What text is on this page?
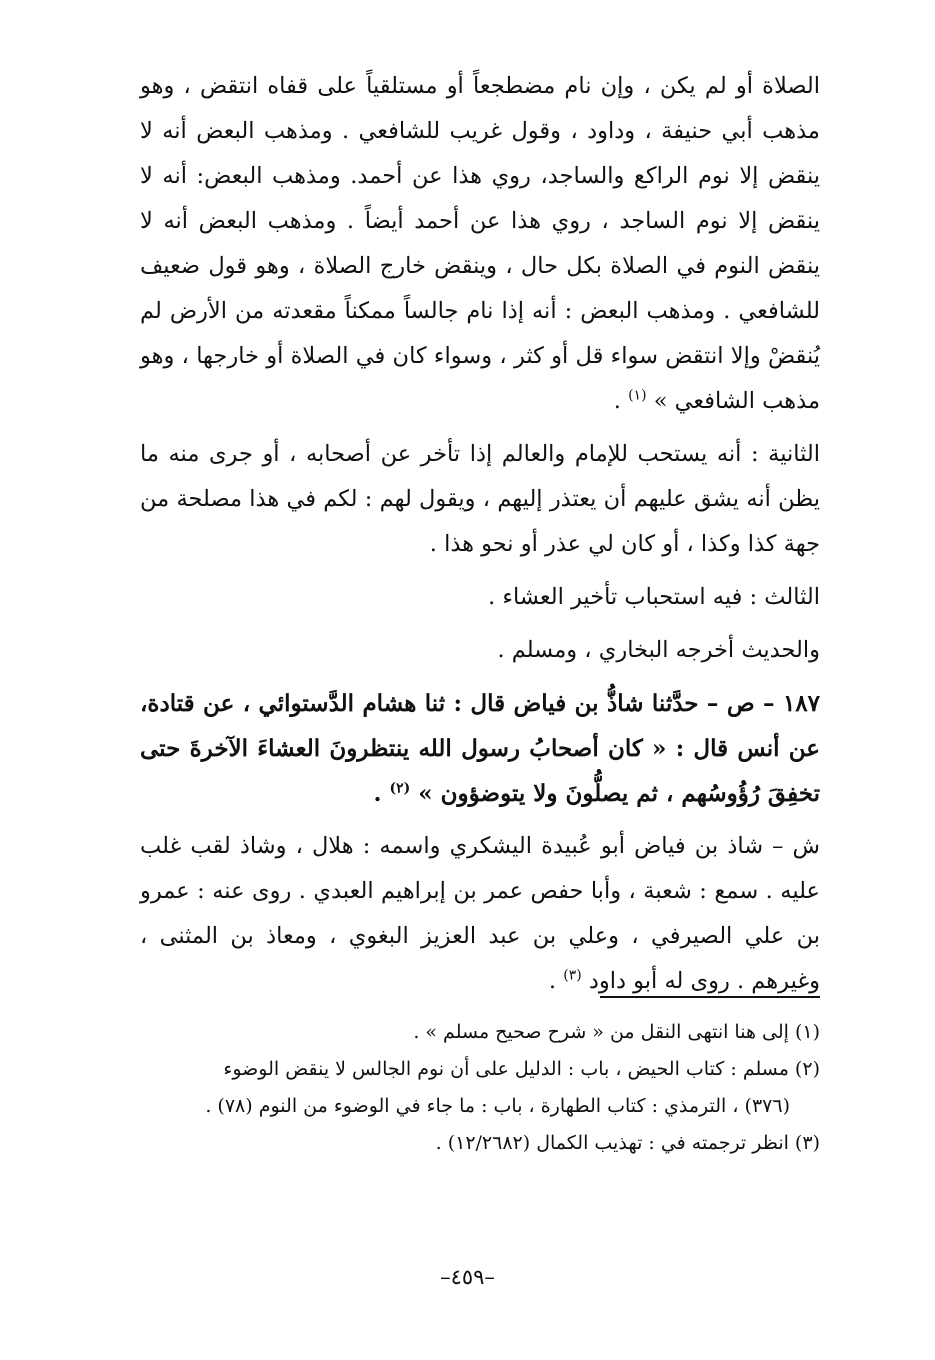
الصلاة أو لم يكن ، وإن نام مضطجعاً أو مستلقياً على قفاه انتقض ، وهو مذهب أبي حنيفة ، وداود ، وقول غريب للشافعي . ومذهب البعض أنه لا ينقض إلا نوم الراكع والساجد، روي هذا عن أحمد. ومذهب البعض: أنه لا ينقض إلا نوم الساجد ، روي هذا عن أحمد أيضاً . ومذهب البعض أنه لا ينقض النوم في الصلاة بكل حال ، وينقض خارج الصلاة ، وهو قول ضعيف للشافعي . ومذهب البعض : أنه إذا نام جالساً ممكناً مقعدته من الأرض لم يُنقضْ وإلا انتقض سواء قل أو كثر ، وسواء كان في الصلاة أو خارجها ، وهو مذهب الشافعي » $^{(١)}$ .

الثانية : أنه يستحب للإمام والعالم إذا تأخر عن أصحابه ، أو جرى منه ما يظن أنه يشق عليهم أن يعتذر إليهم ، ويقول لهم : لكم في هذا مصلحة من جهة كذا وكذا ، أو كان لي عذر أو نحو هذا .

الثالث : فيه استحباب تأخير العشاء .

والحديث أخرجه البخاري ، ومسلم .

١٨٧ – ص – حدَّثنا شاذُّ بن فياض قال : ثنا هشام الدَّستوائي ، عن قتادة، عن أنس قال : « كان أصحابُ رسول الله ينتظرونَ العشاءَ الآخرةَ حتى تخفِقَ رُؤُوسُهم ، ثم يصلُّونَ ولا يتوضؤون » $^{(٢)}$ .

ش – شاذ بن فياض أبو عُبيدة اليشكري واسمه : هلال ، وشاذ لقب غلب عليه . سمع : شعبة ، وأبا حفص عمر بن إبراهيم العبدي . روى عنه : عمرو بن علي الصيرفي ، وعلي بن عبد العزيز البغوي ، ومعاذ بن المثنى ، وغيرهم . روى له أبو داود $^{(٣)}$ .

(١) إلى هنا انتهى النقل من « شرح صحيح مسلم » .

(٢) مسلم : كتاب الحيض ، باب : الدليل على أن نوم الجالس لا ينقض الوضوء

(٣٧٦) ، الترمذي : كتاب الطهارة ، باب : ما جاء في الوضوء من النوم (٧٨) .

(٣) انظر ترجمته في : تهذيب الكمال (١٢/٢٦٨٢) .

–٤٥٩–
